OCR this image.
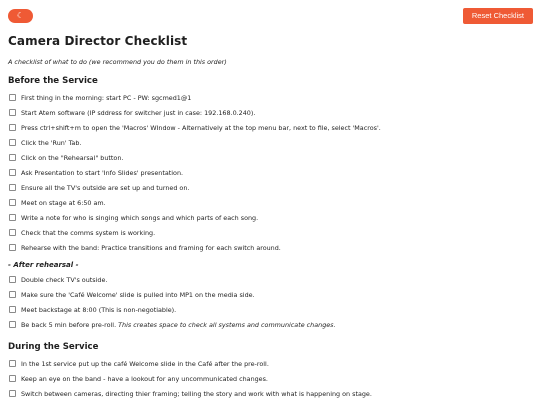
☾	Reset Checklist
Camera Director Checklist

A checklist of what to do (we recommend you do them in this order)

Before the Service
First thing in the morning: start PC - PW: sgcmed1@1
Start Atem software (IP sddress for switcher just in case: 192.168.0.240).
Press ctrl+shift+m to open the 'Macros' WIndow - Alternatively at the top menu bar, next to file, select 'Macros'.
Click the 'Run' Tab.
Click on the "Rehearsal" button.
Ask Presentation to start 'Info Slides' presentation.
Ensure all the TV's outside are set up and turned on.
Meet on stage at 6:50 am.
Write a note for who is singing which songs and which parts of each song.
Check that the comms system is working.
Rehearse with the band: Practice transitions and framing for each switch around.
- After rehearsal -
Double check TV's outside.
Make sure the 'Café Welcome' slide is pulled into MP1 on the media side.
Meet backstage at 8:00 (This is non-negotiable).
Be back 5 min before pre-roll.
This creates space to check all systems and communicate changes.
During the Service
In the 1st service put up the café Welcome slide in the Café after the pre-roll.
Keep an eye on the band - have a lookout for any uncommunicated changes.
Switch between cameras, directing thier framing; telling the story and work with what is happening on stage.
